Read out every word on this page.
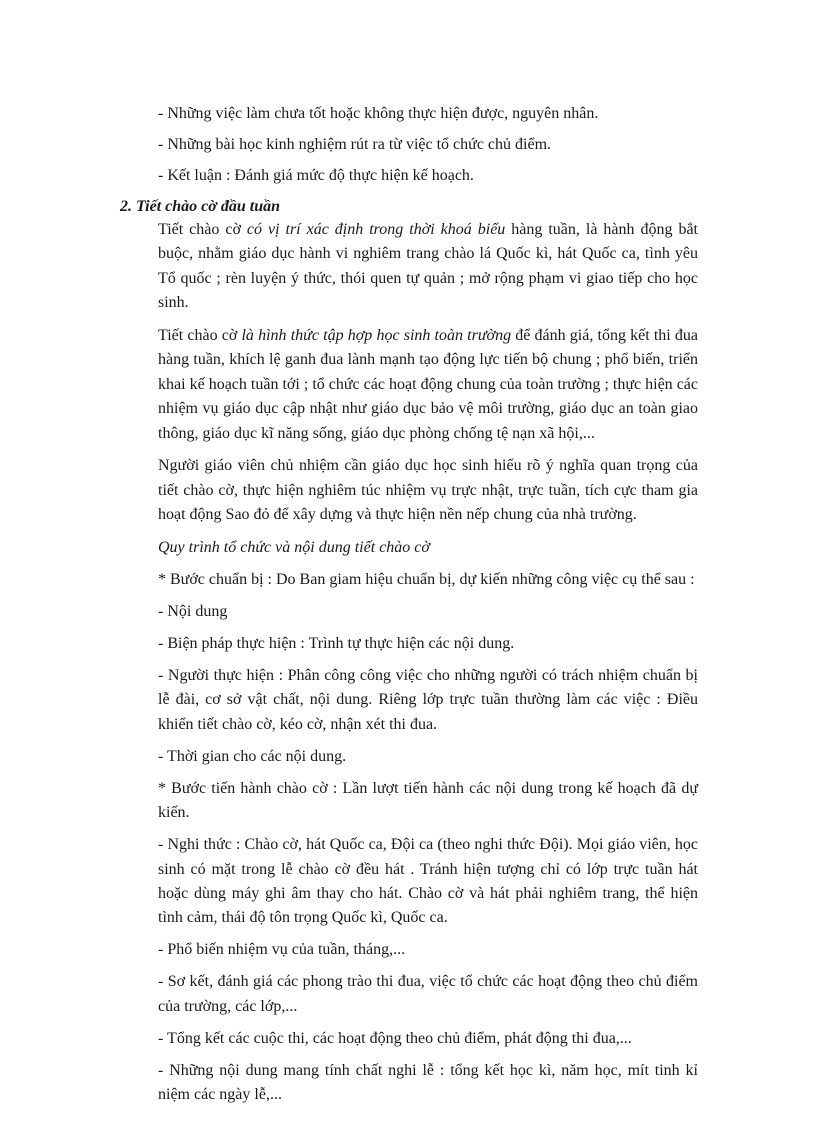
- Những việc làm chưa tốt hoặc không thực hiện được, nguyên nhân.

- Những bài học kinh nghiệm rút ra từ việc tổ chức chủ điểm.

- Kết luận : Đánh giá mức độ thực hiện kế hoạch.

2. Tiết chào cờ đầu tuần

Tiết chào cờ có vị trí xác định trong thời khoá biểu hàng tuần, là hành động bắt buộc, nhằm giáo dục hành vi nghiêm trang chào lá Quốc kì, hát Quốc ca, tình yêu Tổ quốc ; rèn luyện ý thức, thói quen tự quản ; mở rộng phạm vi giao tiếp cho học sinh.

Tiết chào cờ là hình thức tập hợp học sinh toàn trường để đánh giá, tổng kết thi đua hàng tuần, khích lệ ganh đua lành mạnh tạo động lực tiến bộ chung ; phổ biến, triển khai kế hoạch tuần tới ; tổ chức các hoạt động chung của toàn trường ; thực hiện các nhiệm vụ giáo dục cập nhật như giáo dục bảo vệ môi trường, giáo dục an toàn giao thông, giáo dục kĩ năng sống, giáo dục phòng chống tệ nạn xã hội,...

Người giáo viên chủ nhiệm cần giáo dục học sinh hiểu rõ ý nghĩa quan trọng của tiết chào cờ, thực hiện nghiêm túc nhiệm vụ trực nhật, trực tuần, tích cực tham gia hoạt động Sao đỏ để xây dựng và thực hiện nền nếp chung của nhà trường.

Quy trình tổ chức và nội dung tiết chào cờ

* Bước chuẩn bị : Do Ban giam hiệu chuẩn bị, dự kiến những công việc cụ thể sau :

- Nội dung

- Biện pháp thực hiện : Trình tự thực hiện các nội dung.

- Người thực hiện : Phân công công việc cho những người có trách nhiệm chuẩn bị lễ đài, cơ sở vật chất, nội dung. Riêng lớp trực tuần thường làm các việc : Điều khiển tiết chào cờ, kéo cờ, nhận xét thi đua.

- Thời gian cho các nội dung.

* Bước tiến hành chào cờ : Lần lượt tiến hành các nội dung trong kế hoạch đã dự kiến.

- Nghi thức : Chào cờ, hát Quốc ca, Đội ca (theo nghi thức Đội). Mọi giáo viên, học sinh có mặt trong lễ chào cờ đều hát . Tránh hiện tượng chỉ có lớp trực tuần hát hoặc dùng máy ghi âm thay cho hát. Chào cờ và hát phải nghiêm trang, thể hiện tình cảm, thái độ tôn trọng Quốc kì, Quốc ca.

- Phổ biến nhiệm vụ của tuần, tháng,...

- Sơ kết, đánh giá các phong trào thi đua, việc tổ chức các hoạt động theo chủ điểm của trường, các lớp,...

- Tổng kết các cuộc thi, các hoạt động theo chủ điểm, phát động thi đua,...

- Những nội dung mang tính chất nghi lễ : tổng kết học kì, năm học, mít tinh kỉ niệm các ngày lễ,...
